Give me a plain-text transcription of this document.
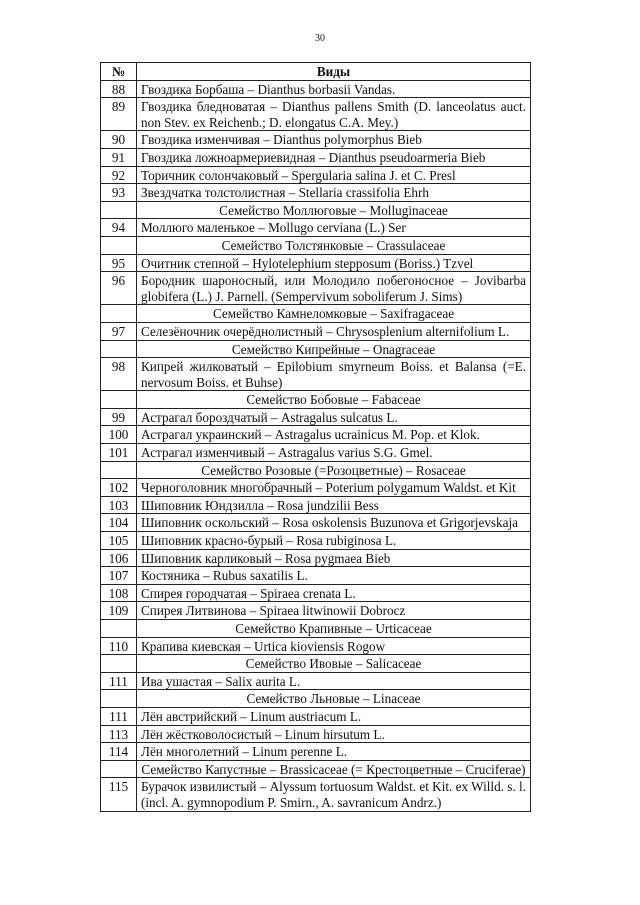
30
№	Виды
88	Гвоздика Борбаша – Dianthus borbasii Vandas.
89	Гвоздика бледноватая – Dianthus pallens Smith (D. lanceolatus auct. non Stev. ex Reichenb.; D. elongatus C.A. Mey.)
90	Гвоздика изменчивая – Dianthus polymorphus Bieb
91	Гвоздика ложноармериевидная – Dianthus pseudoarmeria Bieb
92	Торичник солончаковый – Spergularia salina J. et C. Presl
93	Звездчатка толстолистная – Stellaria crassifolia Ehrh
	Семейство Моллюговые – Molluginaceae
94	Моллюго маленькое – Mollugo cerviana (L.) Ser
	Семейство Толстянковые – Crassulaceae
95	Очитник степной – Hylotelephium stepposum (Boriss.) Tzvel
96	Бородник шароносный, или Молодило побегоносное – Jovibarba globifera (L.) J. Parnell. (Sempervivum soboliferum J. Sims)
	Семейство Камнеломковые – Saxifragaceae
97	Селезёночник очерёднолистный – Chrysosplenium alternifolium L.
	Семейство Кипрейные – Onagraceae
98	Кипрей жилковатый – Epilobium smyrneum Boiss. et Balansa (=E. nervosum Boiss. et Buhse)
	Семейство Бобовые – Fabaceae
99	Астрагал бороздчатый – Astragalus sulcatus L.
100	Астрагал украинский – Astragalus ucrainicus M. Pop. et Klok.
101	Астрагал изменчивый – Astragalus varius S.G. Gmel.
	Семейство Розовые (=Розоцветные) – Rosaceae
102	Черноголовник многобрачный – Poterium polygamum Waldst. et Kit
103	Шиповник Юндзилла – Rosa jundzilii Bess
104	Шиповник оскольский – Rosa oskolensis Buzunova et Grigorjevskaja
105	Шиповник красно-бурый – Rosa rubiginosa L.
106	Шиповник карликовый – Rosa pygmaea Bieb
107	Костяника – Rubus saxatilis L.
108	Спирея городчатая – Spiraea crenata L.
109	Спирея Литвинова – Spiraea litwinowii Dobrocz
	Семейство Крапивные – Urticaceae
110	Крапива киевская – Urtica kioviensis Rogow
	Семейство Ивовые – Salicaceae
111	Ива ушастая – Salix aurita L.
	Семейство Льновые – Linaceae
111	Лён австрийский – Linum austriacum L.
113	Лён жёстковолосистый – Linum hirsutum L.
114	Лён многолетний – Linum perenne L.
	Семейство Капустные – Brassicaceae (= Крестоцветные – Cruciferae)
115	Бурачок извилистый – Alyssum tortuosum Waldst. et Kit. ex Willd. s. l. (incl. A. gymnopodium P. Smirn., A. savranicum Andrz.)
